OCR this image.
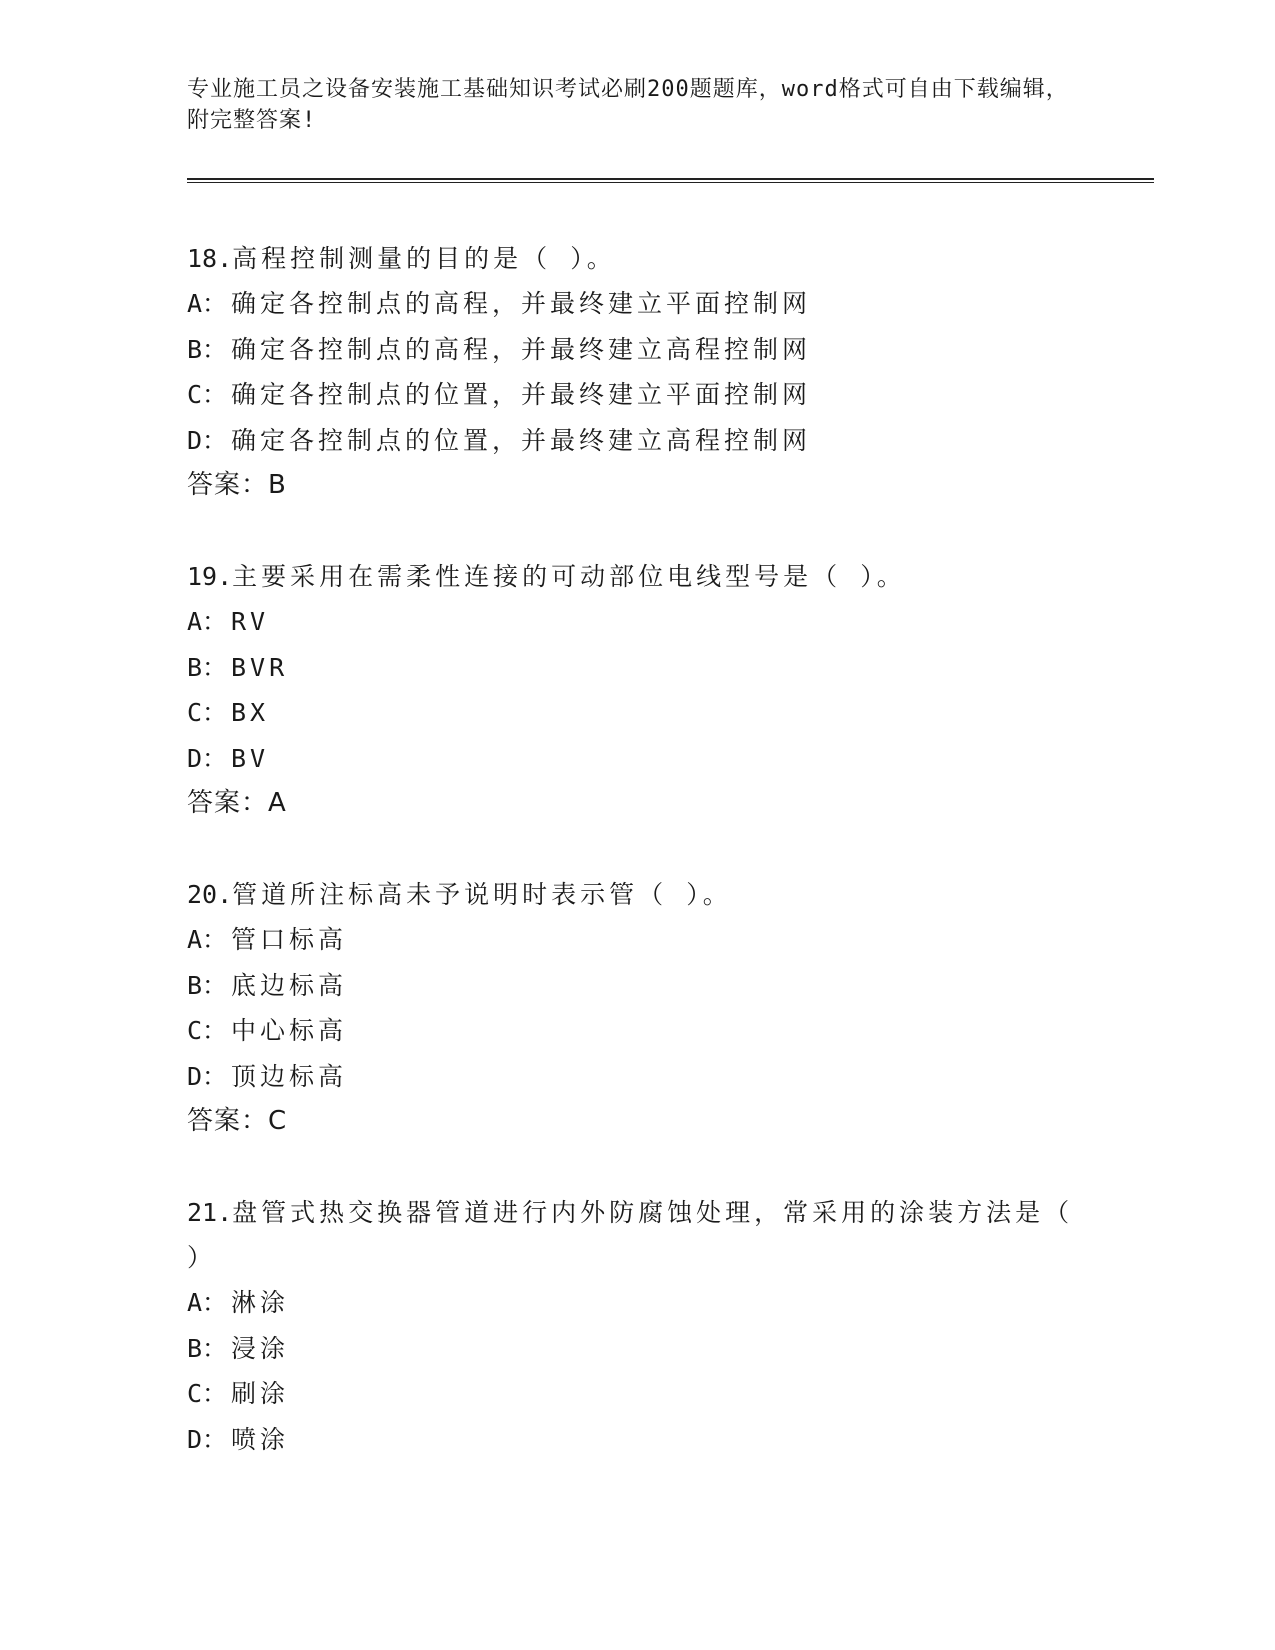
专业施工员之设备安装施工基础知识考试必刷200题题库，word格式可自由下载编辑，附完整答案!
18.高程控制测量的目的是（ ）。
A： 确定各控制点的高程，并最终建立平面控制网
B： 确定各控制点的高程，并最终建立高程控制网
C： 确定各控制点的位置，并最终建立平面控制网
D： 确定各控制点的位置，并最终建立高程控制网
答案：B
19.主要采用在需柔性连接的可动部位电线型号是（ ）。
A： RV
B： BVR
C： BX
D： BV
答案：A
20.管道所注标高未予说明时表示管（ ）。
A： 管口标高
B： 底边标高
C： 中心标高
D： 顶边标高
答案：C
21.盘管式热交换器管道进行内外防腐蚀处理，常采用的涂装方法是（ ）
A： 淋涂
B： 浸涂
C： 刷涂
D： 喷涂
